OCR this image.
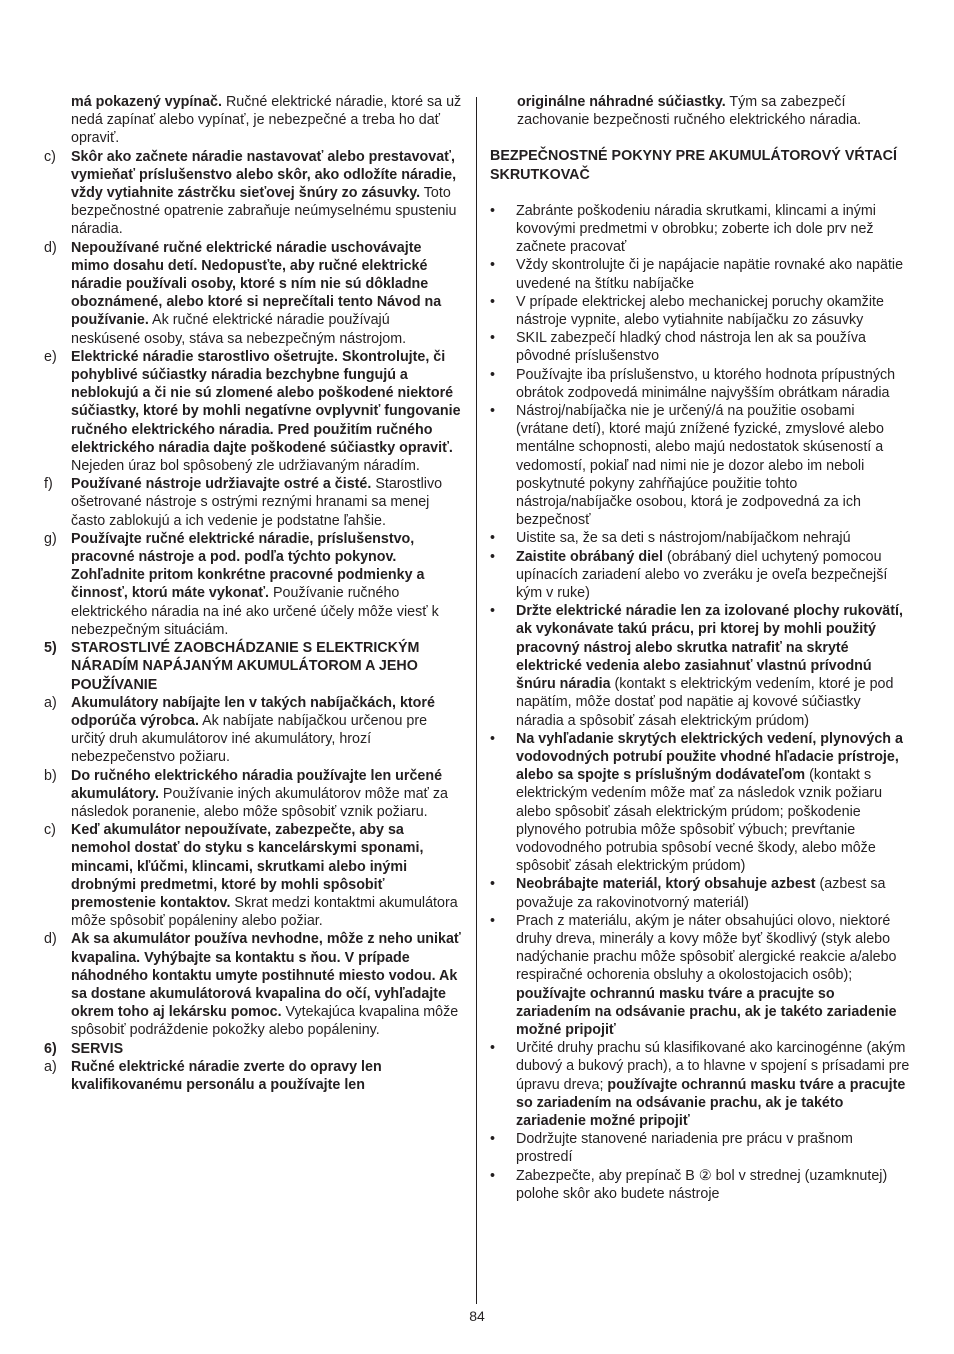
má pokazený vypínač. Ručné elektrické náradie, ktoré sa už nedá zapínať alebo vypínať, je nebezpečné a treba ho dať opraviť.
c)	Skôr ako začnete náradie nastavovať alebo prestavovať, vymieňať príslušenstvo alebo skôr, ako odložíte náradie, vždy vytiahnite zástrčku sieťovej šnúry zo zásuvky. Toto bezpečnostné opatrenie zabraňuje neúmyselnému spusteniu náradia.
d) Nepoužívané ručné elektrické náradie uschovávajte mimo dosahu detí. Nedopusťte, aby ručné elektrické náradie používali osoby, ktoré s ním nie sú dôkladne oboznámené, alebo ktoré si neprečítali tento Návod na používanie. Ak ručné elektrické náradie používajú neskúsené osoby, stáva sa nebezpečným nástrojom.
e) Elektrické náradie starostlivo ošetrujte. Skontrolujte, či pohyblivé súčiastky náradia bezchybne fungujú a neblokujú a či nie sú zlomené alebo poškodené niektoré súčiastky, ktoré by mohli negatívne ovplyvniť fungovanie ručného elektrického náradia. Pred použitím ručného elektrického náradia dajte poškodené súčiastky opraviť. Nejeden úraz bol spôsobený zle udržiavaným náradím.
f)	Používané nástroje udržiavajte ostré a čisté. Starostlivo ošetrované nástroje s ostrými reznými hranami sa menej často zablokujú a ich vedenie je podstatne ľahšie.
g) Používajte ručné elektrické náradie, príslušenstvo, pracovné nástroje a pod. podľa týchto pokynov. Zohľadnite pritom konkrétne pracovné podmienky a činnosť, ktorú máte vykonať. Používanie ručného elektrického náradia na iné ako určené účely môže viesť k nebezpečným situáciám.
5) STAROSTLIVÉ ZAOBCHÁDZANIE S ELEKTRICKÝM NÁRADÍM NAPÁJANÝM AKUMULÁTOROM A JEHO POUŽÍVANIE
a) Akumulátory nabíjajte len v takých nabíjačkách, ktoré odporúča výrobca. Ak nabíjate nabíjačkou určenou pre určitý druh akumulátorov iné akumulátory, hrozí nebezpečenstvo požiaru.
b) Do ručného elektrického náradia používajte len určené akumulátory. Používanie iných akumulátorov môže mať za následok poranenie, alebo môže spôsobiť vznik požiaru.
c)	Keď akumulátor nepoužívate, zabezpečte, aby sa nemohol dostať do styku s kancelárskymi sponami, mincami, kľúčmi, klincami, skrutkami alebo inými drobnými predmetmi, ktoré by mohli spôsobiť premostenie kontaktov. Skrat medzi kontaktmi akumulátora môže spôsobiť popáleniny alebo požiar.
d) Ak sa akumulátor používa nevhodne, môže z neho unikať kvapalina. Vyhýbajte sa kontaktu s ňou. V prípade náhodného kontaktu umyte postihnuté miesto vodou. Ak sa dostane akumulátorová kvapalina do očí, vyhľadajte okrem toho aj lekársku pomoc. Vytekajúca kvapalina môže spôsobiť podráždenie pokožky alebo popáleniny.
6) SERVIS
a) Ručné elektrické náradie zverte do opravy len kvalifikovanému personálu a používajte len
originálne náhradné súčiastky. Tým sa zabezpečí zachovanie bezpečnosti ručného elektrického náradia.
BEZPEČNOSTNÉ POKYNY PRE AKUMULÁTOROVÝ VŔTACÍ SKRUTKOVAČ
•	Zabránte poškodeniu náradia skrutkami, klincami a inými kovovými predmetmi v obrobku; zoberte ich dole prv než začnete pracovať
•	Vždy skontrolujte či je napájacie napätie rovnaké ako napätie uvedené na štítku nabíjačke
•	V prípade elektrickej alebo mechanickej poruchy okamžite nástroje vypnite, alebo vytiahnite nabíjačku zo zásuvky
•	SKIL zabezpečí hladký chod nástroja len ak sa používa pôvodné príslušenstvo
•	Používajte iba príslušenstvo, u ktorého hodnota prípustných obrátok zodpovedá minimálne najvyšším obrátkam náradia
•	Nástroj/nabíjačka nie je určený/á na použitie osobami (vrátane detí), ktoré majú znížené fyzické, zmyslové alebo mentálne schopnosti, alebo majú nedostatok skúseností a vedomostí, pokiaľ nad nimi nie je dozor alebo im neboli poskytnuté pokyny zahŕňajúce použitie tohto nástroja/nabíjačke osobou, ktorá je zodpovedná za ich bezpečnosť
•	Uistite sa, že sa deti s nástrojom/nabíjačkom nehrajú
•	Zaistite obrábaný diel (obrábaný diel uchytený pomocou upínacích zariadení alebo vo zveráku je oveľa bezpečnejší kým v ruke)
•	Držte elektrické náradie len za izolované plochy rukovätí, ak vykonávate takú prácu, pri ktorej by mohli použitý pracovný nástroj alebo skrutka natrafiť na skryté elektrické vedenia alebo zasiahnuť vlastnú prívodnú šnúru náradia (kontakt s elektrickým vedením, ktoré je pod napätím, môže dostať pod napätie aj kovové súčiastky náradia a spôsobiť zásah elektrickým prúdom)
•	Na vyhľadanie skrytých elektrických vedení, plynových a vodovodných potrubí použite vhodné hľadacie prístroje, alebo sa spojte s príslušným dodávateľom (kontakt s elektrickým vedením môže mať za následok vznik požiaru alebo spôsobiť zásah elektrickým prúdom; poškodenie plynového potrubia môže spôsobiť výbuch; prevŕtanie vodovodného potrubia spôsobí vecné škody, alebo môže spôsobiť zásah elektrickým prúdom)
•	Neobrábajte materiál, ktorý obsahuje azbest (azbest sa považuje za rakovinotvorný materiál)
•	Prach z materiálu, akým je náter obsahujúci olovo, niektoré druhy dreva, minerály a kovy môže byť škodlivý (styk alebo nadýchanie prachu môže spôsobiť alergické reakcie a/alebo respiračné ochorenia obsluhy a okolostojacich osôb); používajte ochrannú masku tváre a pracujte so zariadením na odsávanie prachu, ak je takéto zariadenie možné pripojiť
•	Určité druhy prachu sú klasifikované ako karcinogénne (akým dubový a bukový prach), a to hlavne v spojení s prísadami pre úpravu dreva; používajte ochrannú masku tváre a pracujte so zariadením na odsávanie prachu, ak je takéto zariadenie možné pripojiť
•	Dodržujte stanovené nariadenia pre prácu v prašnom prostredí
•	Zabezpečte, aby prepínač B ② bol v strednej (uzamknutej) polohe skôr ako budete nástroje
84
